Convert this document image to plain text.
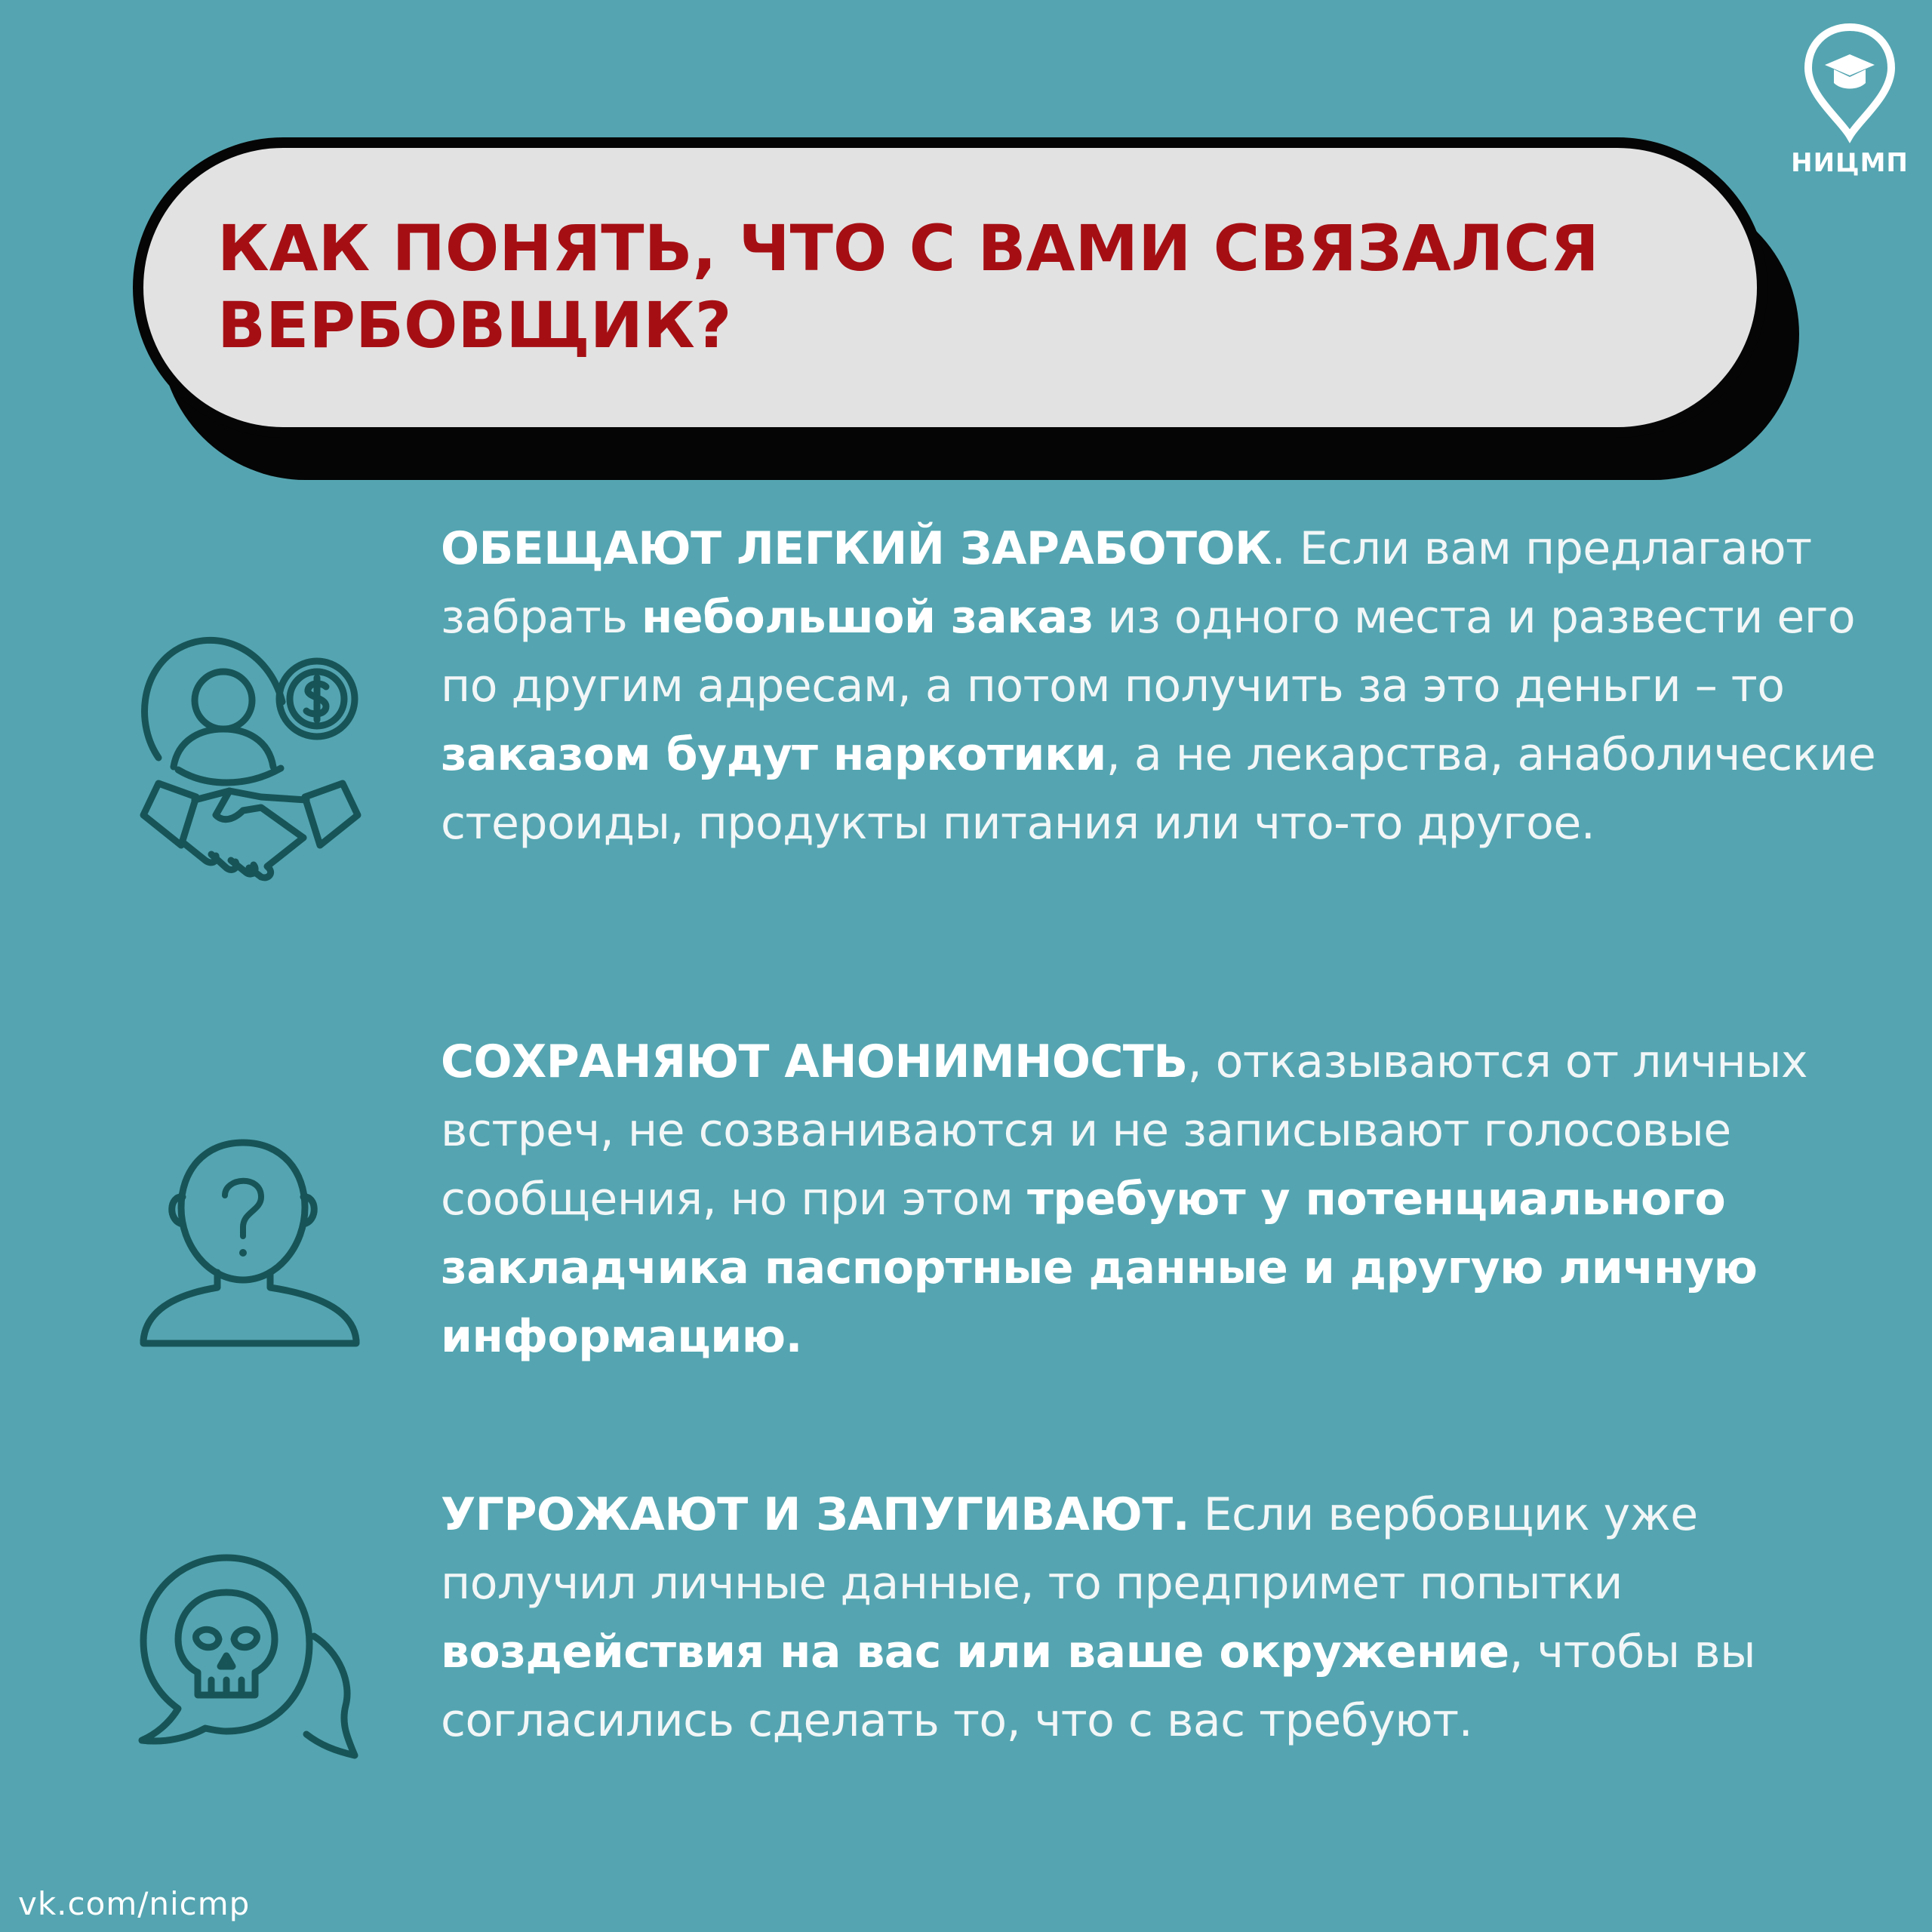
НИЦМП
КАК ПОНЯТЬ, ЧТО С ВАМИ СВЯЗАЛСЯ ВЕРБОВЩИК?

ОБЕЩАЮТ ЛЕГКИЙ ЗАРАБОТОК. Если вам предлагают забрать небольшой заказ из одного места и развести его по другим адресам, а потом получить за это деньги – то заказом будут наркотики, а не лекарства, анаболические стероиды, продукты питания или что-то другое.

СОХРАНЯЮТ АНОНИМНОСТЬ, отказываются от личных встреч, не созваниваются и не записывают голосовые сообщения, но при этом требуют у потенциального закладчика паспортные данные и другую личную информацию.

УГРОЖАЮТ И ЗАПУГИВАЮТ. Если вербовщик уже получил личные данные, то предпримет попытки воздействия на вас или ваше окружение, чтобы вы согласились сделать то, что с вас требуют.

vk.com/nicmp
